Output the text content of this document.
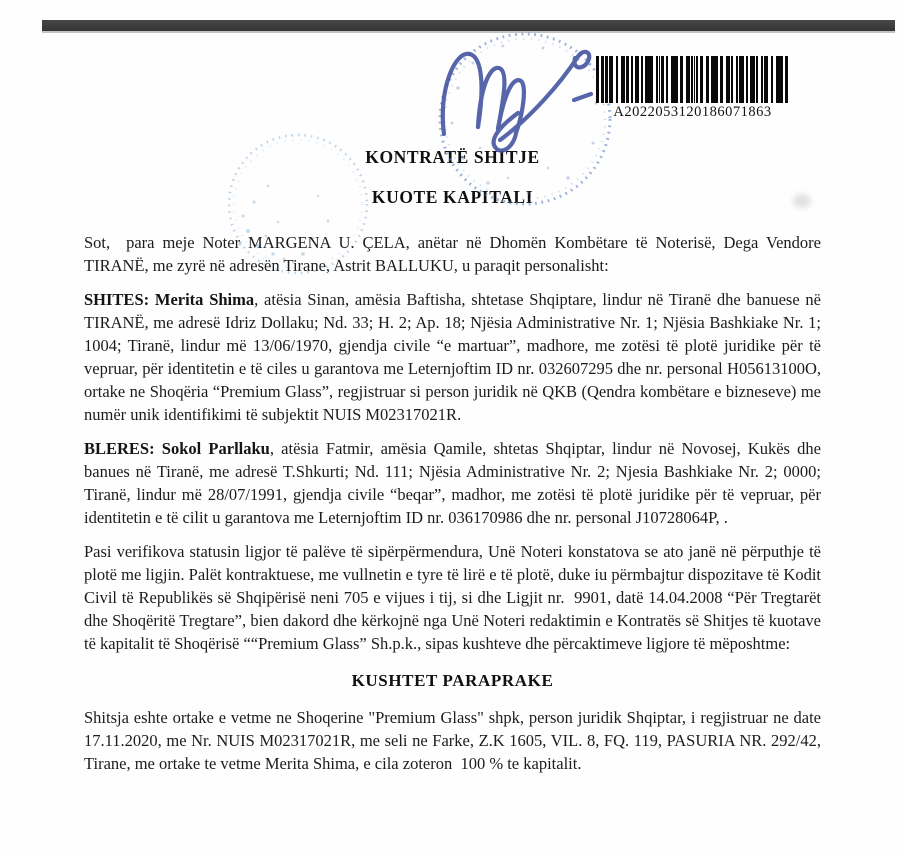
KONTRATË SHITJE
KUOTE KAPITALI

Sot,  para meje Noter MARGENA U. ÇELA, anëtar në Dhomën Kombëtare të Noterisë, Dega Vendore TIRANË, me zyrë në adresën Tirane, Astrit BALLUKU, u paraqit personalisht:

SHITES: Merita Shima, atësia Sinan, amësia Baftisha, shtetase Shqiptare, lindur në Tiranë dhe banuese në TIRANË, me adresë Idriz Dollaku; Nd. 33; H. 2; Ap. 18; Njësia Administrative Nr. 1; Njësia Bashkiake Nr. 1; 1004; Tiranë, lindur më 13/06/1970, gjendja civile “e martuar”, madhore, me zotësi të plotë juridike për të vepruar, për identitetin e të ciles u garantova me Leternjoftim ID nr. 032607295 dhe nr. personal H05613100O, ortake ne Shoqëria “Premium Glass”, regjistruar si person juridik në QKB (Qendra kombëtare e bizneseve) me numër unik identifikimi të subjektit NUIS M02317021R.

BLERES: Sokol Parllaku, atësia Fatmir, amësia Qamile, shtetas Shqiptar, lindur në Novosej, Kukës dhe banues në Tiranë, me adresë T.Shkurti; Nd. 111; Njësia Administrative Nr. 2; Njesia Bashkiake Nr. 2; 0000; Tiranë, lindur më 28/07/1991, gjendja civile “beqar”, madhor, me zotësi të plotë juridike për të vepruar, për identitetin e të cilit u garantova me Leternjoftim ID nr. 036170986 dhe nr. personal J10728064P, .

Pasi verifikova statusin ligjor të palëve të sipërpërmendura, Unë Noteri konstatova se ato janë në përputhje të plotë me ligjin. Palët kontraktuese, me vullnetin e tyre të lirë e të plotë, duke iu përmbajtur dispozitave të Kodit Civil të Republikës së Shqipërisë neni 705 e vijues i tij, si dhe Ligjit nr.  9901, datë 14.04.2008 “Për Tregtarët dhe Shoqëritë Tregtare”, bien dakord dhe kërkojnë nga Unë Noteri redaktimin e Kontratës së Shitjes të kuotave të kapitalit të Shoqërisë ““Premium Glass” Sh.p.k., sipas kushteve dhe përcaktimeve ligjore të mëposhtme:

KUSHTET PARAPRAKE

Shitsja eshte ortake e vetme ne Shoqerine "Premium Glass" shpk, person juridik Shqiptar, i regjistruar ne date 17.11.2020, me Nr. NUIS M02317021R, me seli ne Farke, Z.K 1605, VIL. 8, FQ. 119, PASURIA NR. 292/42, Tirane, me ortake te vetme Merita Shima, e cila zoteron  100 % te kapitalit.

A2022053120186071863
